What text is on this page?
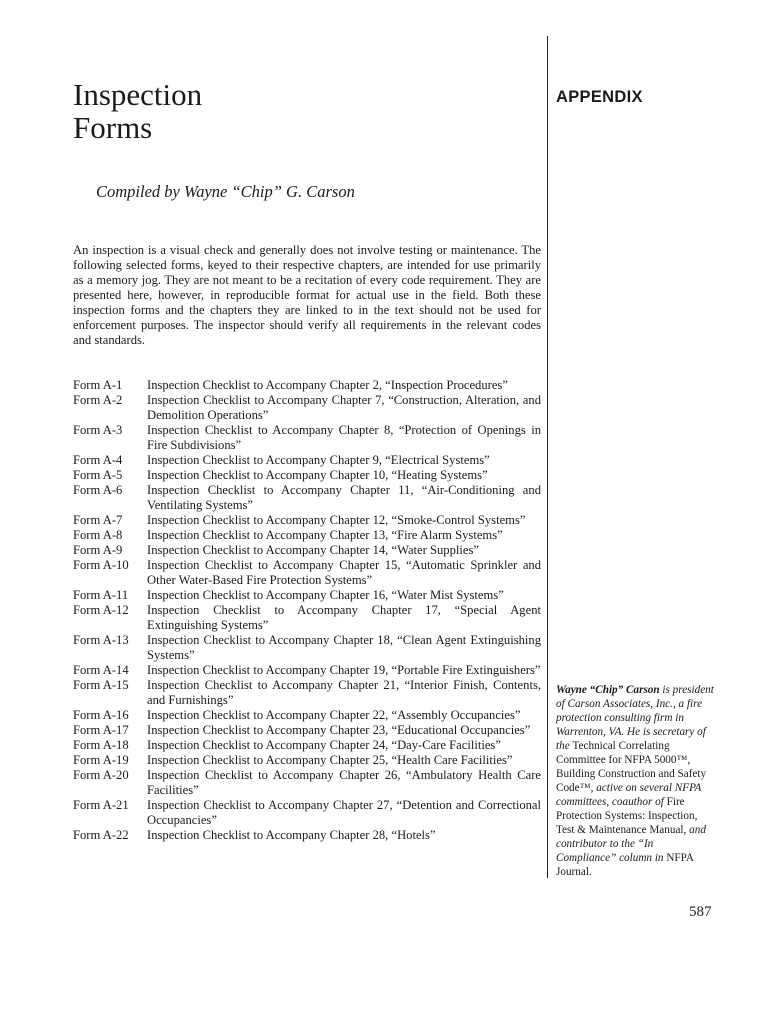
Inspection
Forms
APPENDIX
Compiled by Wayne “Chip” G. Carson
An inspection is a visual check and generally does not involve testing or maintenance. The following selected forms, keyed to their respective chapters, are intended for use primarily as a memory jog. They are not meant to be a recitation of every code requirement. They are presented here, however, in reproducible format for actual use in the field. Both these inspection forms and the chapters they are linked to in the text should not be used for enforcement purposes. The inspector should verify all requirements in the relevant codes and standards.
Form A-1	Inspection Checklist to Accompany Chapter 2, “Inspection Procedures”
Form A-2	Inspection Checklist to Accompany Chapter 7, “Construction, Alteration, and Demolition Operations”
Form A-3	Inspection Checklist to Accompany Chapter 8, “Protection of Openings in Fire Subdivisions”
Form A-4	Inspection Checklist to Accompany Chapter 9, “Electrical Systems”
Form A-5	Inspection Checklist to Accompany Chapter 10, “Heating Systems”
Form A-6	Inspection Checklist to Accompany Chapter 11, “Air-Conditioning and Ventilating Systems”
Form A-7	Inspection Checklist to Accompany Chapter 12, “Smoke-Control Systems”
Form A-8	Inspection Checklist to Accompany Chapter 13, “Fire Alarm Systems”
Form A-9	Inspection Checklist to Accompany Chapter 14, “Water Supplies”
Form A-10	Inspection Checklist to Accompany Chapter 15, “Automatic Sprinkler and Other Water-Based Fire Protection Systems”
Form A-11	Inspection Checklist to Accompany Chapter 16, “Water Mist Systems”
Form A-12	Inspection Checklist to Accompany Chapter 17, “Special Agent Extinguishing Systems”
Form A-13	Inspection Checklist to Accompany Chapter 18, “Clean Agent Extinguishing Systems”
Form A-14	Inspection Checklist to Accompany Chapter 19, “Portable Fire Extinguishers”
Form A-15	Inspection Checklist to Accompany Chapter 21, “Interior Finish, Contents, and Furnishings”
Form A-16	Inspection Checklist to Accompany Chapter 22, “Assembly Occupancies”
Form A-17	Inspection Checklist to Accompany Chapter 23, “Educational Occupancies”
Form A-18	Inspection Checklist to Accompany Chapter 24, “Day-Care Facilities”
Form A-19	Inspection Checklist to Accompany Chapter 25, “Health Care Facilities”
Form A-20	Inspection Checklist to Accompany Chapter 26, “Ambulatory Health Care Facilities”
Form A-21	Inspection Checklist to Accompany Chapter 27, “Detention and Correctional Occupancies”
Form A-22	Inspection Checklist to Accompany Chapter 28, “Hotels”
Wayne “Chip” Carson is president of Carson Associates, Inc., a fire protection consulting firm in Warrenton, VA. He is secretary of the Technical Correlating Committee for NFPA 5000™, Building Construction and Safety Code™, active on several NFPA committees, coauthor of Fire Protection Systems: Inspection, Test & Maintenance Manual, and contributor to the “In Compliance” column in NFPA Journal.
587
